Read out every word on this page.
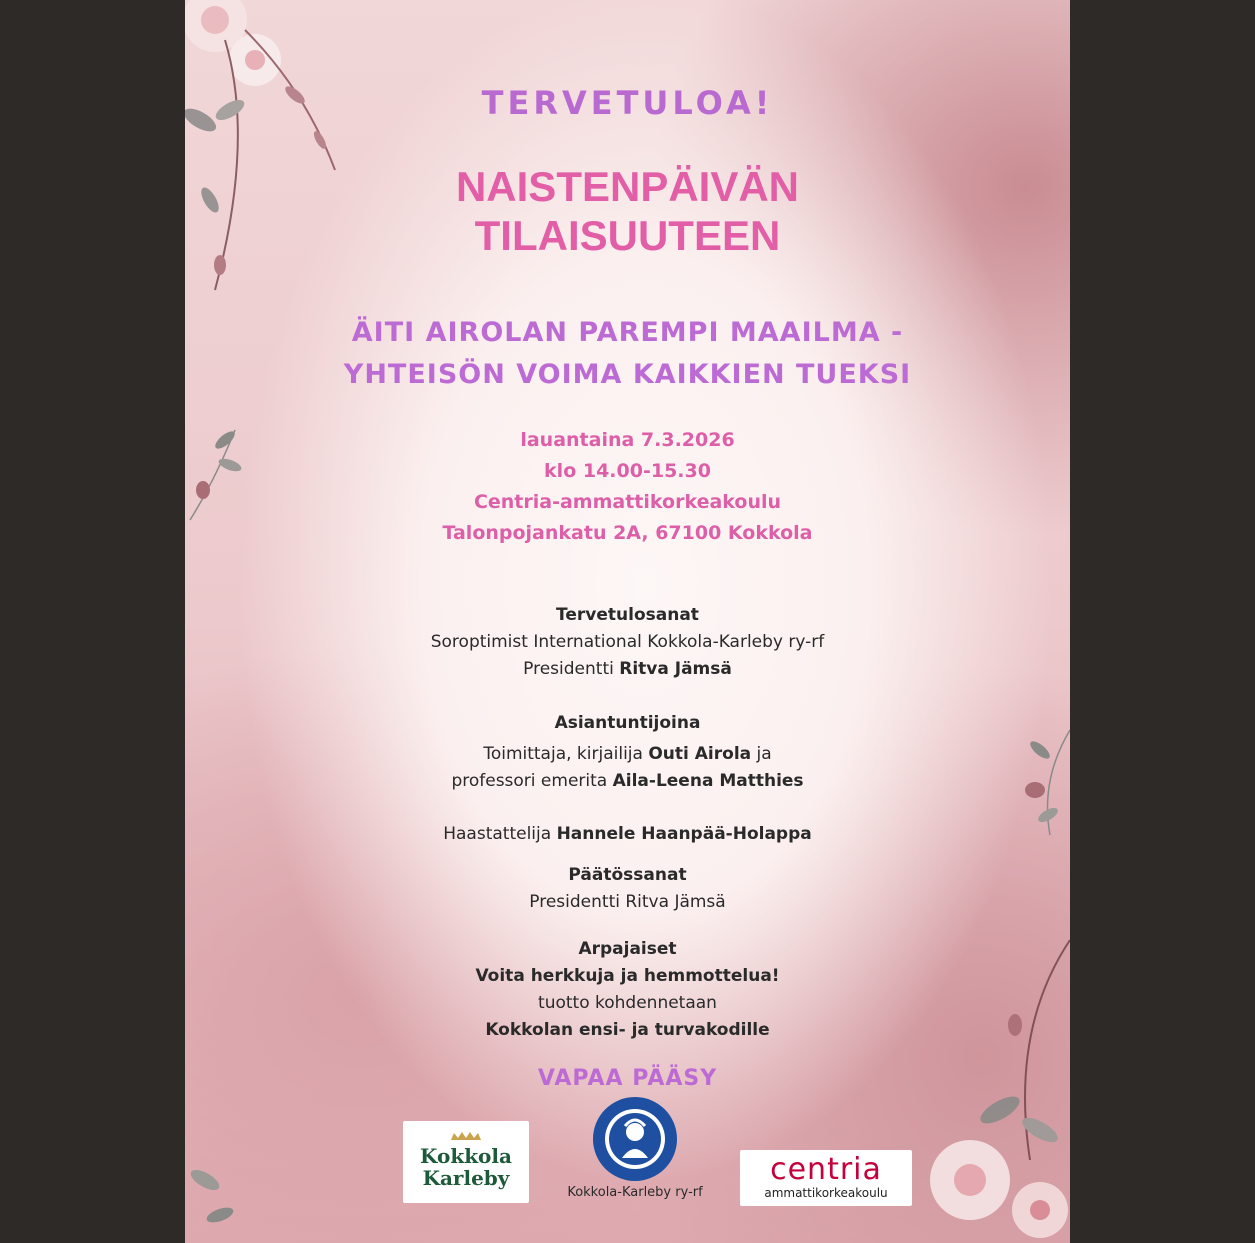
TERVETULOA!

NAISTENPÄIVÄN
TILAISUUTEEN
ÄITI AIROLAN PAREMPI MAAILMA -
YHTEISÖN VOIMA KAIKKIEN TUEKSI
lauantaina 7.3.2026
klo 14.00-15.30
Centria-ammattikorkeakoulu
Talonpojankatu 2A, 67100 Kokkola
Tervetulosanat
Soroptimist International Kokkola-Karleby ry-rf
Presidentti Ritva Jämsä
Asiantuntijoina
Toimittaja, kirjailija Outi Airola ja
professori emerita Aila-Leena Matthies
Haastattelija Hannele Haanpää-Holappa
Päätössanat
Presidentti Ritva Jämsä
Arpajaiset
Voita herkkuja ja hemmottelua!
tuotto kohdennetaan
Kokkolan ensi- ja turvakodille

VAPAA PÄÄSY

Kokkola
Karleby
Kokkola-Karleby ry-rf
centria
ammattikorkeakoulu
